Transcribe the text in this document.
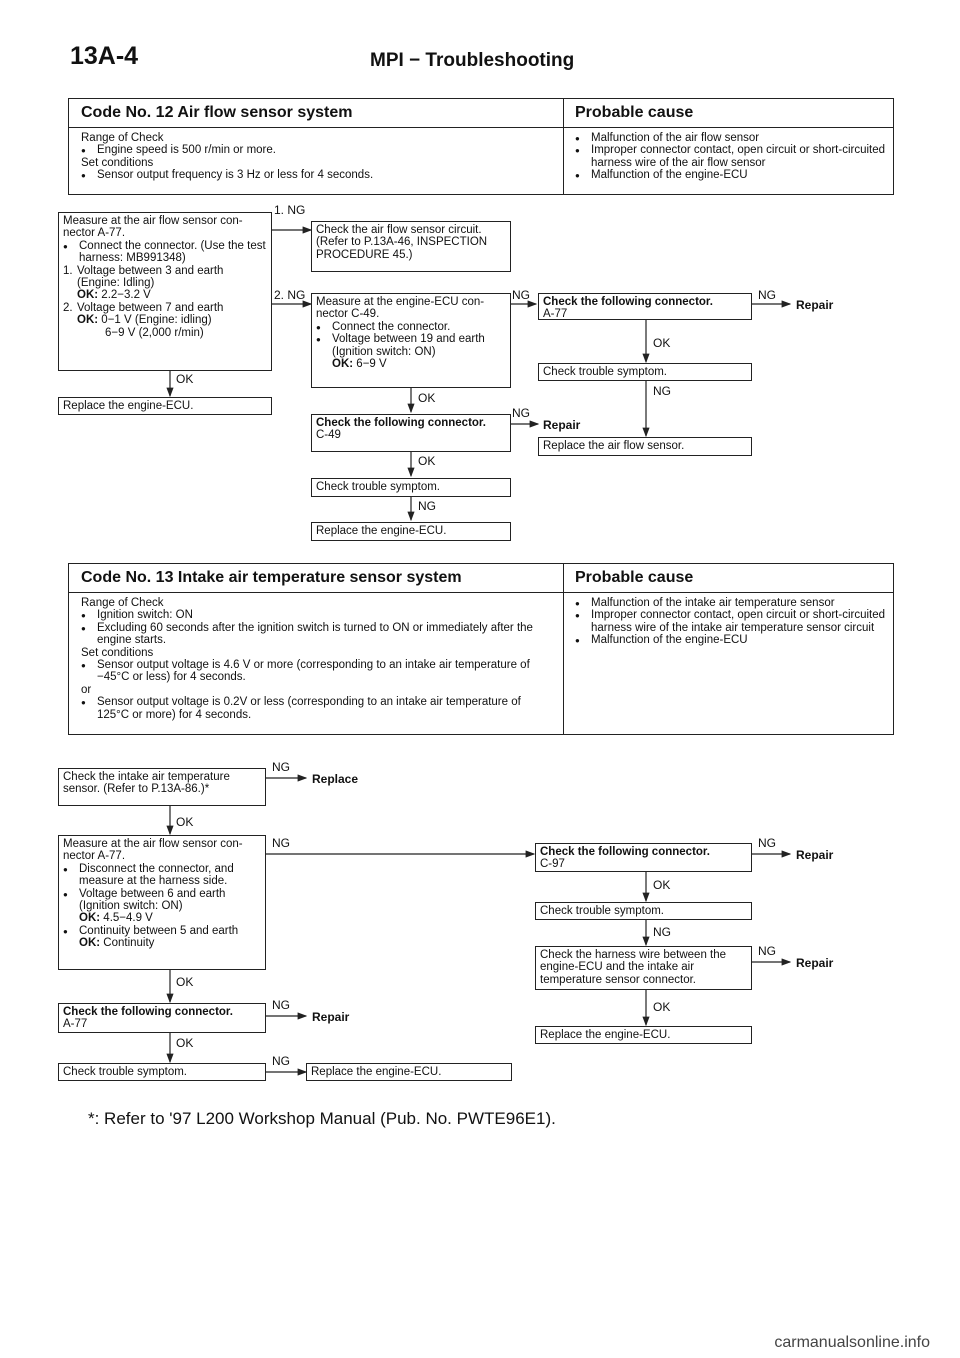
13A-4	MPI − Troubleshooting
Code No. 12 Air flow sensor system	Probable cause

Range of Check

● Engine speed is 500 r/min or more.

Set conditions

● Sensor output frequency is 3 Hz or less for 4 seconds.

● Malfunction of the air flow sensor

● Improper connector contact, open circuit or short-circuited harness wire of the air flow sensor

● Malfunction of the engine-ECU

Measure at the air flow sensor con-nector A-77.

● Connect the connector. (Use the test harness: MB991348)

1. Voltage between 3 and earth (Engine: Idling)

OK: 2.2−3.2 V

2. Voltage between 7 and earth

OK: 0−1 V (Engine: idling)

6−9 V (2,000 r/min)

Replace the engine-ECU.
Check the air flow sensor circuit. (Refer to P.13A-46, INSPECTION PROCEDURE 45.)

Measure at the engine-ECU con-nector C-49.

● Connect the connector.

● Voltage between 19 and earth (Ignition switch: ON)

OK: 6−9 V

Check the following connector.

C-49

Check trouble symptom.
Replace the engine-ECU.

Check the following connector.

A-77

Check trouble symptom.
Replace the air flow sensor.
1. NG
2. NG
OK
NG	NG
Repair
OK
NG
OK
NG
Repair
OK
NG
Code No. 13 Intake air temperature sensor system	Probable cause

Range of Check

● Ignition switch: ON

● Excluding 60 seconds after the ignition switch is turned to ON or immediately after the engine starts.

Set conditions

● Sensor output voltage is 4.6 V or more (corresponding to an intake air temperature of −45°C or less) for 4 seconds.

or

● Sensor output voltage is 0.2V or less (corresponding to an intake air temperature of 125°C or more) for 4 seconds.

● Malfunction of the intake air temperature sensor

● Improper connector contact, open circuit or short-circuited harness wire of the intake air temperature sensor circuit

● Malfunction of the engine-ECU

Check the intake air temperature sensor. (Refer to P.13A-86.)*

Measure at the air flow sensor con-nector A-77.

● Disconnect the connector, and measure at the harness side.

● Voltage between 6 and earth (Ignition switch: ON)

OK: 4.5−4.9 V

● Continuity between 5 and earth

OK: Continuity

Check the following connector.

A-77

Check trouble symptom.	Replace the engine-ECU.

Check the following connector.

C-97

Check trouble symptom.
Check the harness wire between the engine-ECU and the intake air temperature sensor connector.
Replace the engine-ECU.
NG
Replace
OK
NG	NG
Repair
OK
NG
NG
Repair
OK
OK
NG
Repair
OK
NG
*: Refer to '97 L200 Workshop Manual (Pub. No. PWTE96E1).
carmanualsonline.info
